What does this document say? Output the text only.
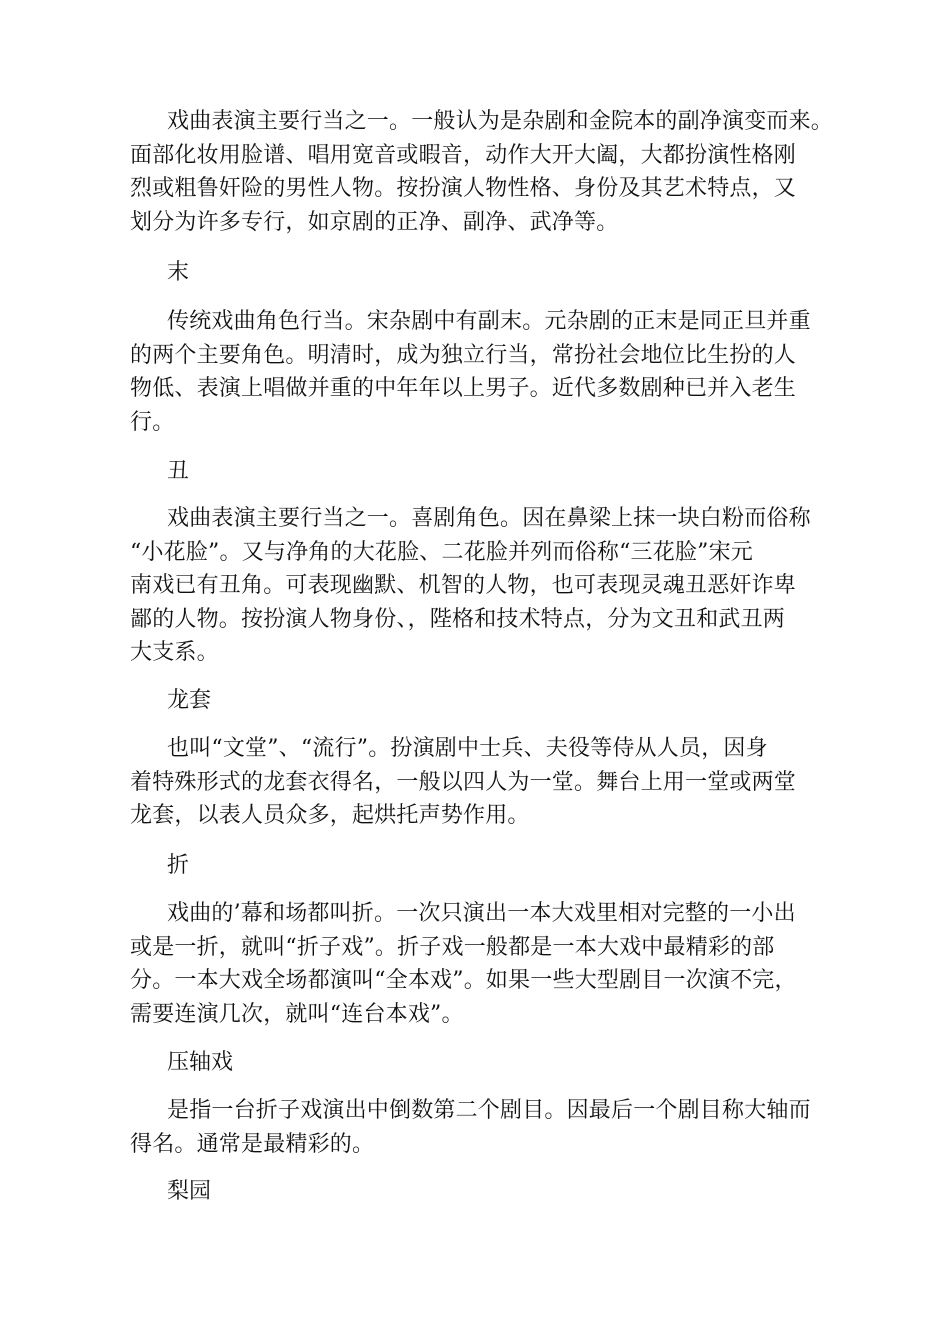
戏曲表演主要行当之一。一般认为是杂剧和金院本的副净演变而来。
面部化妆用脸谱、唱用宽音或暇音，动作大开大阖，大都扮演性格刚
烈或粗鲁奸险的男性人物。按扮演人物性格、身份及其艺术特点，又
划分为许多专行，如京剧的正净、副净、武净等。
末
传统戏曲角色行当。宋杂剧中有副末。元杂剧的正末是同正旦并重
的两个主要角色。明清时，成为独立行当，常扮社会地位比生扮的人
物低、表演上唱做并重的中年年以上男子。近代多数剧种已并入老生
行。
丑
戏曲表演主要行当之一。喜剧角色。因在鼻梁上抹一块白粉而俗称
“小花脸”。又与净角的大花脸、二花脸并列而俗称“三花脸”宋元
南戏已有丑角。可表现幽默、机智的人物，也可表现灵魂丑恶奸诈卑
鄙的人物。按扮演人物身份、，陛格和技术特点，分为文丑和武丑两
大支系。
龙套
也叫“文堂”、“流行”。扮演剧中士兵、夫役等侍从人员，因身
着特殊形式的龙套衣得名，一般以四人为一堂。舞台上用一堂或两堂
龙套，以表人员众多，起烘托声势作用。
折
戏曲的’幕和场都叫折。一次只演出一本大戏里相对完整的一小出
或是一折，就叫“折子戏”。折子戏一般都是一本大戏中最精彩的部
分。一本大戏全场都演叫“全本戏”。如果一些大型剧目一次演不完，
需要连演几次，就叫“连台本戏”。
压轴戏
是指一台折子戏演出中倒数第二个剧目。因最后一个剧目称大轴而
得名。通常是最精彩的。
梨园
